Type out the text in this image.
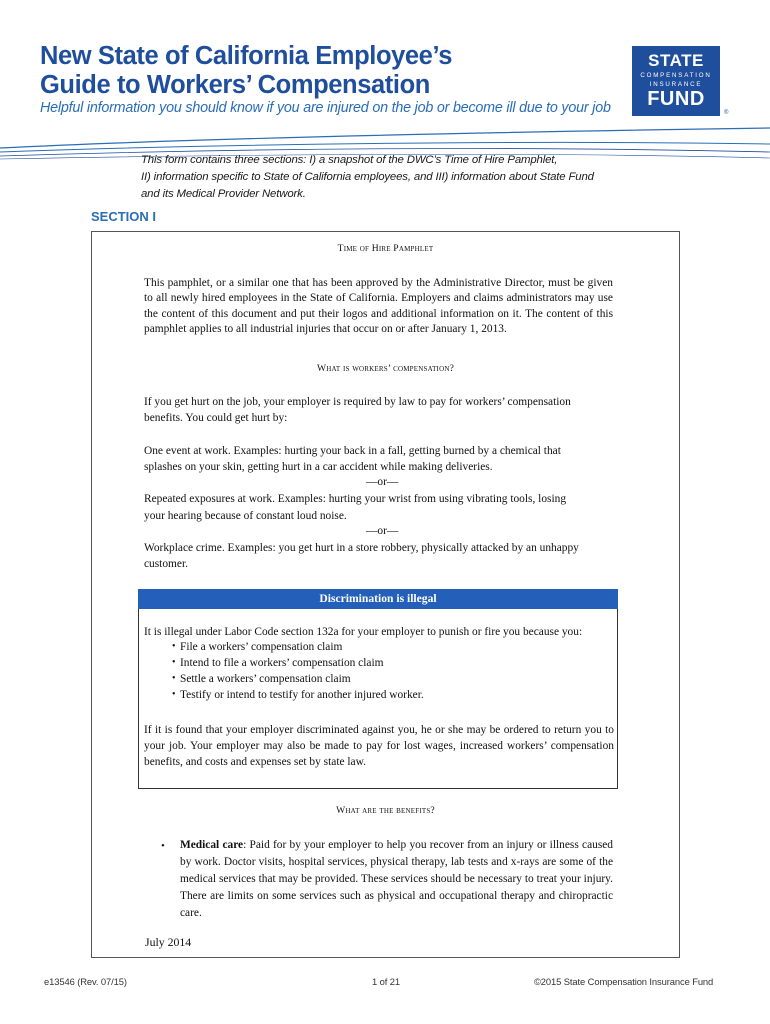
New State of California Employee’s
Guide to Workers’ Compensation
Helpful information you should know if you are injured on the job or become ill due to your job
STATE
COMPENSATION
INSURANCE
FUND
®
This form contains three sections: I) a snapshot of the DWC’s Time of Hire Pamphlet,
II) information specific to State of California employees, and III) information about State Fund
and its Medical Provider Network.
SECTION I
Time of Hire Pamphlet
This pamphlet, or a similar one that has been approved by the Administrative Director, must be given to all newly hired employees in the State of California. Employers and claims administrators may use the content of this document and put their logos and additional information on it. The content of this pamphlet applies to all industrial injuries that occur on or after January 1, 2013.
What is workers’ compensation?
If you get hurt on the job, your employer is required by law to pay for workers’ compensation
benefits. You could get hurt by:
One event at work. Examples: hurting your back in a fall, getting burned by a chemical that
splashes on your skin, getting hurt in a car accident while making deliveries.
—or—
Repeated exposures at work. Examples: hurting your wrist from using vibrating tools, losing
your hearing because of constant loud noise.
—or—
Workplace crime. Examples: you get hurt in a store robbery, physically attacked by an unhappy
customer.
Discrimination is illegal
It is illegal under Labor Code section 132a for your employer to punish or fire you because you:
• File a workers’ compensation claim
• Intend to file a workers’ compensation claim
• Settle a workers’ compensation claim
• Testify or intend to testify for another injured worker.
If it is found that your employer discriminated against you, he or she may be ordered to return you to your job. Your employer may also be made to pay for lost wages, increased workers’ compensation benefits, and costs and expenses set by state law.
What are the benefits?
• Medical care: Paid for by your employer to help you recover from an injury or illness caused by work. Doctor visits, hospital services, physical therapy, lab tests and x-rays are some of the medical services that may be provided. These services should be necessary to treat your injury. There are limits on some services such as physical and occupational therapy and chiropractic care.
July 2014
e13546 (Rev. 07/15)	1 of 21	©2015 State Compensation Insurance Fund
